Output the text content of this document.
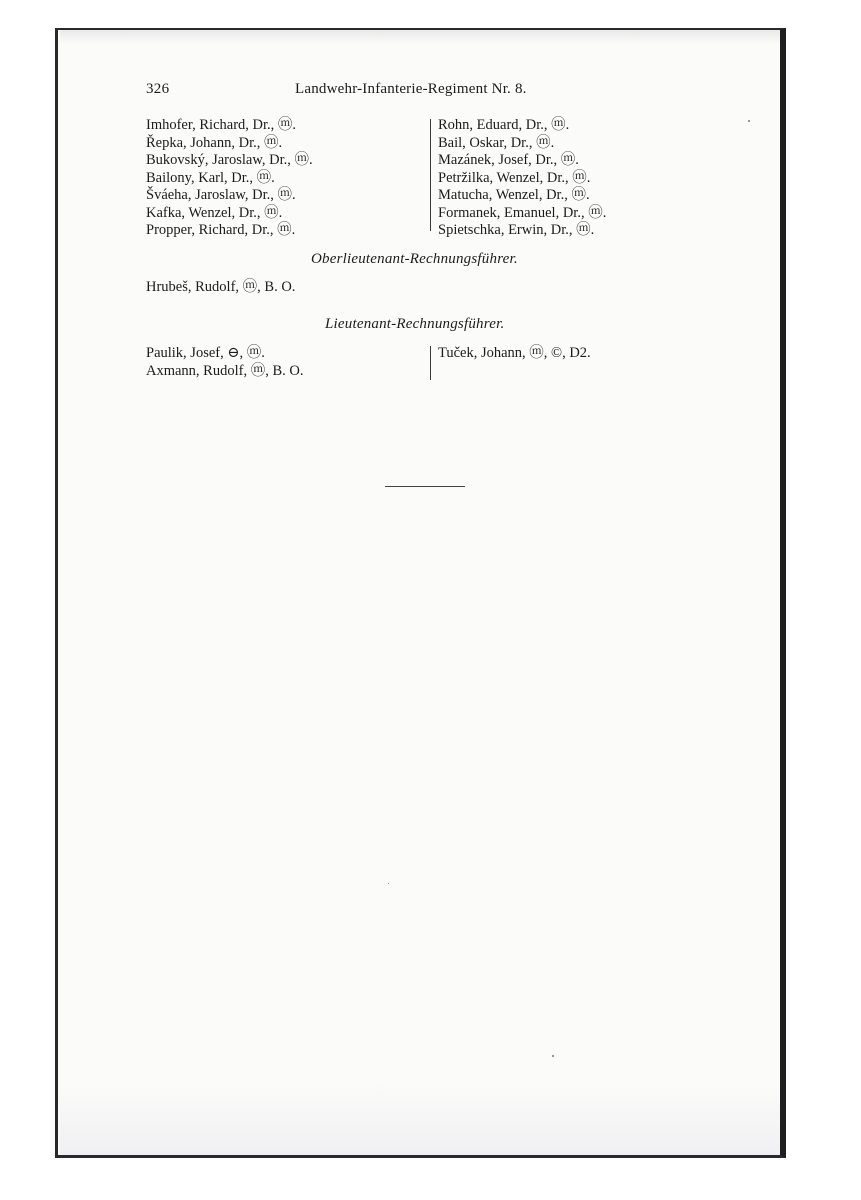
326	Landwehr-Infanterie-Regiment Nr. 8.
Imhofer, Richard, Dr., ⓜ.
Řepka, Johann, Dr., ⓜ.
Bukovský, Jaroslaw, Dr., ⓜ.
Bailony, Karl, Dr., ⓜ.
Šváeha, Jaroslaw, Dr., ⓜ.
Kafka, Wenzel, Dr., ⓜ.
Propper, Richard, Dr., ⓜ.
Rohn, Eduard, Dr., ⓜ.
Bail, Oskar, Dr., ⓜ.
Mazánek, Josef, Dr., ⓜ.
Petržilka, Wenzel, Dr., ⓜ.
Matucha, Wenzel, Dr., ⓜ.
Formanek, Emanuel, Dr., ⓜ.
Spietschka, Erwin, Dr., ⓜ.
Oberlieutenant-Rechnungsführer.
Hrubeš, Rudolf, ⓜ, B. O.
Lieutenant-Rechnungsführer.
Paulik, Josef, ⊖, ⓜ.
Axmann, Rudolf, ⓜ, B. O.
Tuček, Johann, ⓜ, ©, D2.
